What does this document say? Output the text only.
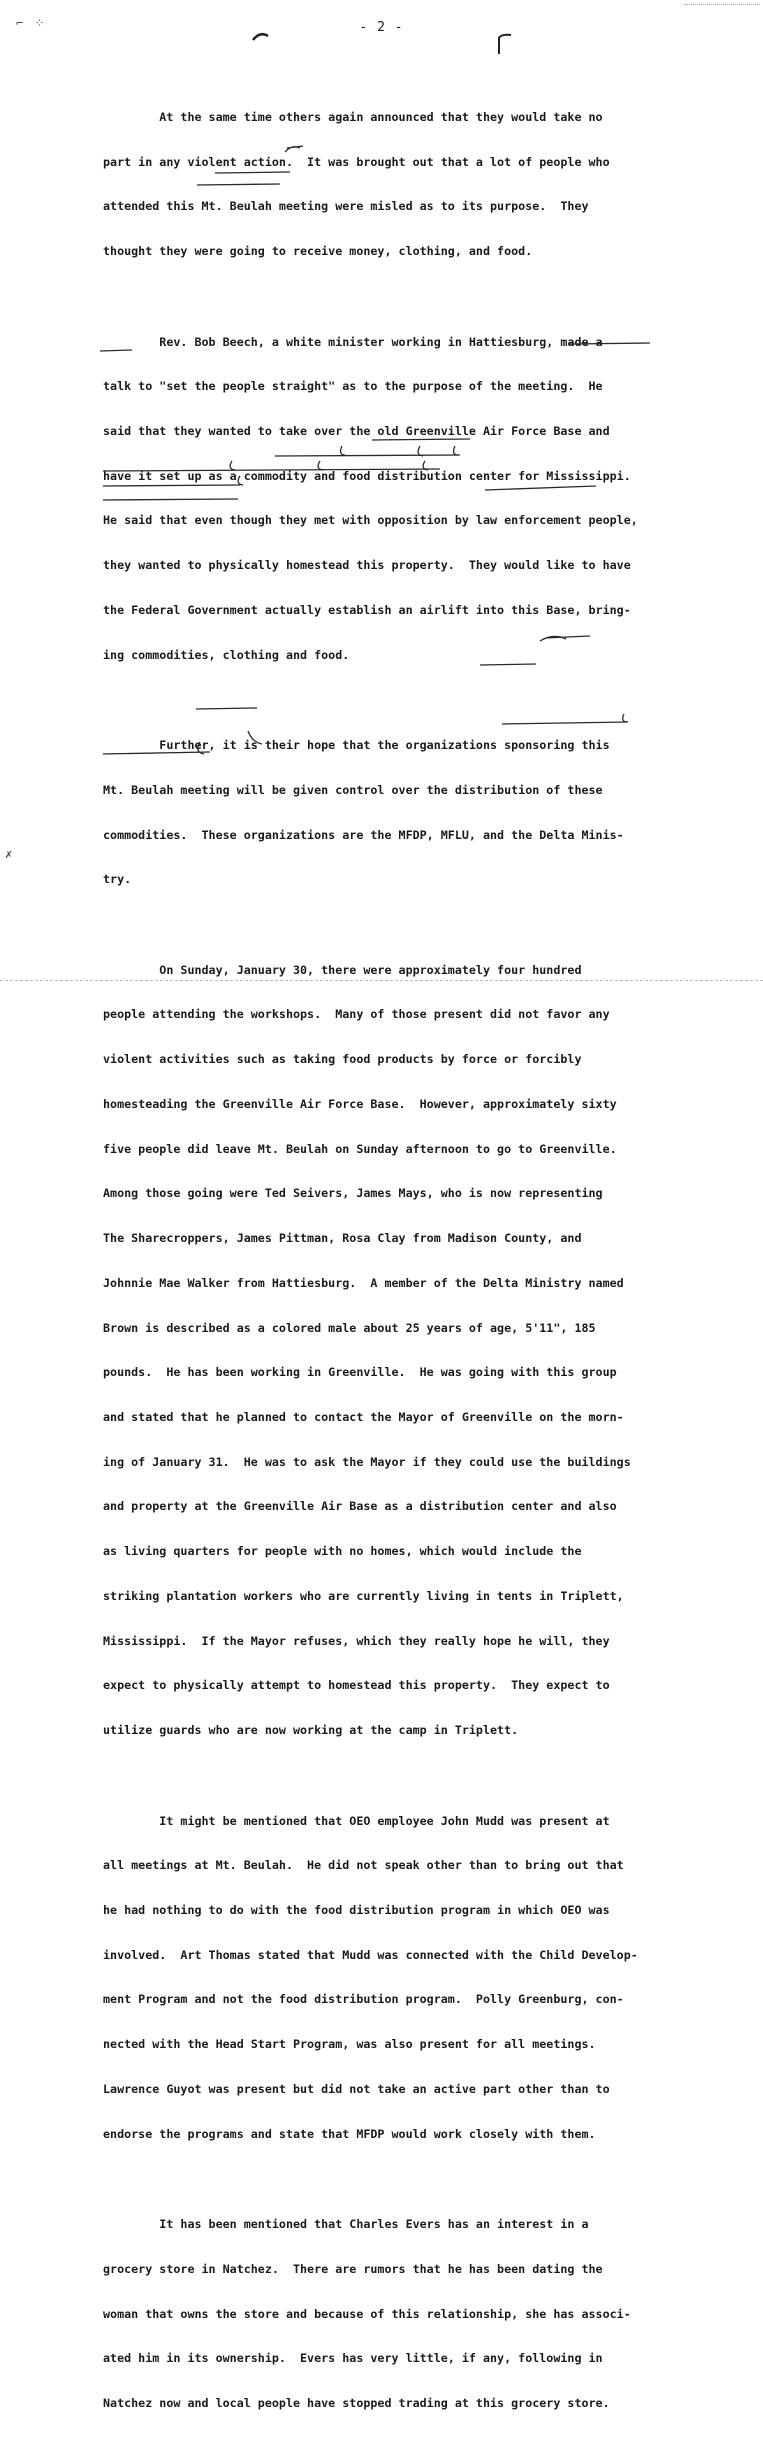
⌐ ⁘	- 2 -

At the same time others again announced that they would take no

part in any violent action.  It was brought out that a lot of people who

attended this Mt. Beulah meeting were misled as to its purpose.  They

thought they were going to receive money, clothing, and food.

Rev. Bob Beech, a white minister working in Hattiesburg, made a

talk to "set the people straight" as to the purpose of the meeting.  He

said that they wanted to take over the old Greenville Air Force Base and

have it set up as a commodity and food distribution center for Mississippi.

He said that even though they met with opposition by law enforcement people,

they wanted to physically homestead this property.  They would like to have

the Federal Government actually establish an airlift into this Base, bring-

ing commodities, clothing and food.

Further, it is their hope that the organizations sponsoring this

Mt. Beulah meeting will be given control over the distribution of these

commodities.  These organizations are the MFDP, MFLU, and the Delta Minis-

try.

On Sunday, January 30, there were approximately four hundred

people attending the workshops.  Many of those present did not favor any

violent activities such as taking food products by force or forcibly

homesteading the Greenville Air Force Base.  However, approximately sixty

five people did leave Mt. Beulah on Sunday afternoon to go to Greenville.

Among those going were Ted Seivers, James Mays, who is now representing

The Sharecroppers, James Pittman, Rosa Clay from Madison County, and

Johnnie Mae Walker from Hattiesburg.  A member of the Delta Ministry named

Brown is described as a colored male about 25 years of age, 5'11", 185

pounds.  He has been working in Greenville.  He was going with this group

and stated that he planned to contact the Mayor of Greenville on the morn-

ing of January 31.  He was to ask the Mayor if they could use the buildings

and property at the Greenville Air Base as a distribution center and also

as living quarters for people with no homes, which would include the

striking plantation workers who are currently living in tents in Triplett,

Mississippi.  If the Mayor refuses, which they really hope he will, they

expect to physically attempt to homestead this property.  They expect to

utilize guards who are now working at the camp in Triplett.

It might be mentioned that OEO employee John Mudd was present at

all meetings at Mt. Beulah.  He did not speak other than to bring out that

he had nothing to do with the food distribution program in which OEO was

involved.  Art Thomas stated that Mudd was connected with the Child Develop-

ment Program and not the food distribution program.  Polly Greenburg, con-

nected with the Head Start Program, was also present for all meetings.

Lawrence Guyot was present but did not take an active part other than to

endorse the programs and state that MFDP would work closely with them.

It has been mentioned that Charles Evers has an interest in a

grocery store in Natchez.  There are rumors that he has been dating the

woman that owns the store and because of this relationship, she has associ-

ated him in its ownership.  Evers has very little, if any, following in

Natchez now and local people have stopped trading at this grocery store.

✗
